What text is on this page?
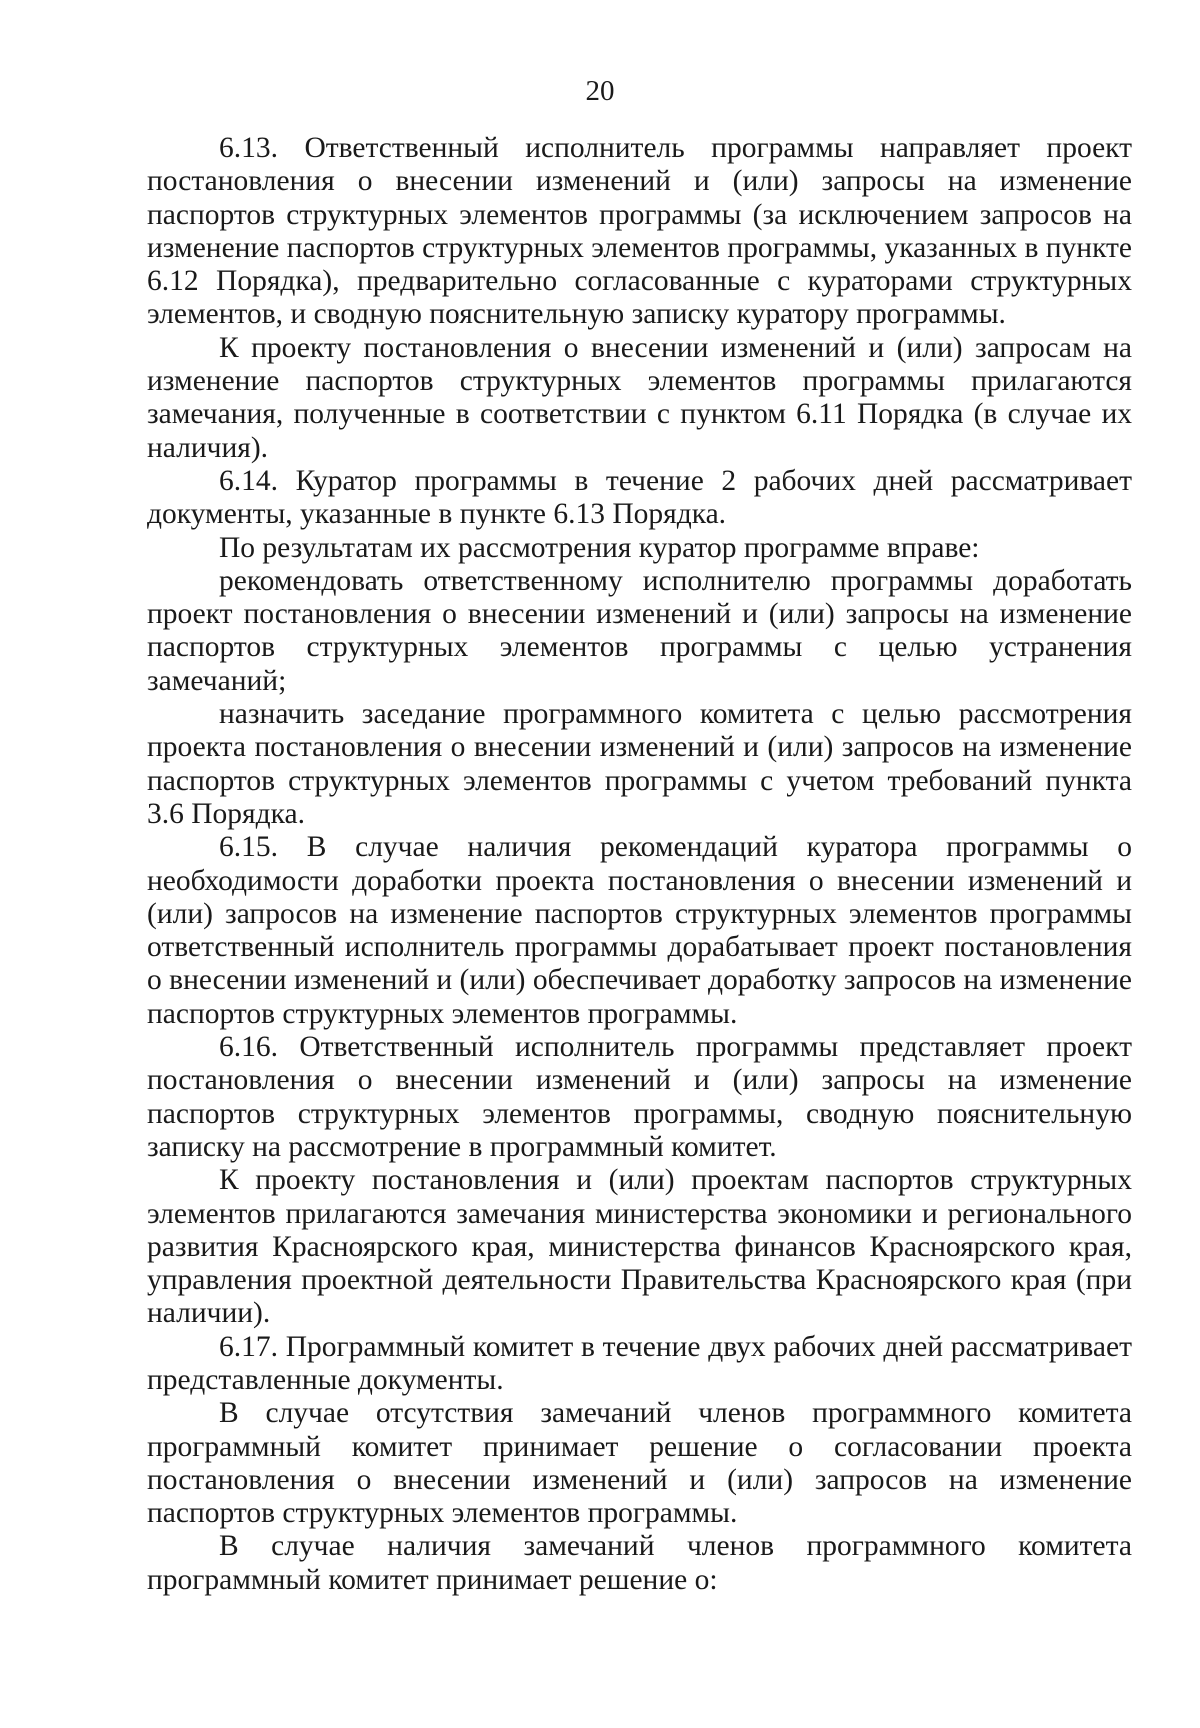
20

6.13. Ответственный исполнитель программы направляет проект постановления о внесении изменений и (или) запросы на изменение паспортов структурных элементов программы (за исключением запросов на изменение паспортов структурных элементов программы, указанных в пункте 6.12 Порядка), предварительно согласованные с кураторами структурных элементов, и сводную пояснительную записку куратору программы.

К проекту постановления о внесении изменений и (или) запросам на изменение паспортов структурных элементов программы прилагаются замечания, полученные в соответствии с пунктом 6.11 Порядка (в случае их наличия).

6.14. Куратор программы в течение 2 рабочих дней рассматривает документы, указанные в пункте 6.13 Порядка.

По результатам их рассмотрения куратор программе вправе:

рекомендовать ответственному исполнителю программы доработать проект постановления о внесении изменений и (или) запросы на изменение паспортов структурных элементов программы с целью устранения замечаний;

назначить заседание программного комитета с целью рассмотрения проекта постановления о внесении изменений и (или) запросов на изменение паспортов структурных элементов программы с учетом требований пункта 3.6 Порядка.

6.15. В случае наличия рекомендаций куратора программы о необходимости доработки проекта постановления о внесении изменений и (или) запросов на изменение паспортов структурных элементов программы ответственный исполнитель программы дорабатывает проект постановления о внесении изменений и (или) обеспечивает доработку запросов на изменение паспортов структурных элементов программы.

6.16. Ответственный исполнитель программы представляет проект постановления о внесении изменений и (или) запросы на изменение паспортов структурных элементов программы, сводную пояснительную записку на рассмотрение в программный комитет.

К проекту постановления и (или) проектам паспортов структурных элементов прилагаются замечания министерства экономики и регионального развития Красноярского края, министерства финансов Красноярского края, управления проектной деятельности Правительства Красноярского края (при наличии).

6.17. Программный комитет в течение двух рабочих дней рассматривает представленные документы.

В случае отсутствия замечаний членов программного комитета программный комитет принимает решение о согласовании проекта постановления о внесении изменений и (или) запросов на изменение паспортов структурных элементов программы.

В случае наличия замечаний членов программного комитета программный комитет принимает решение о:
